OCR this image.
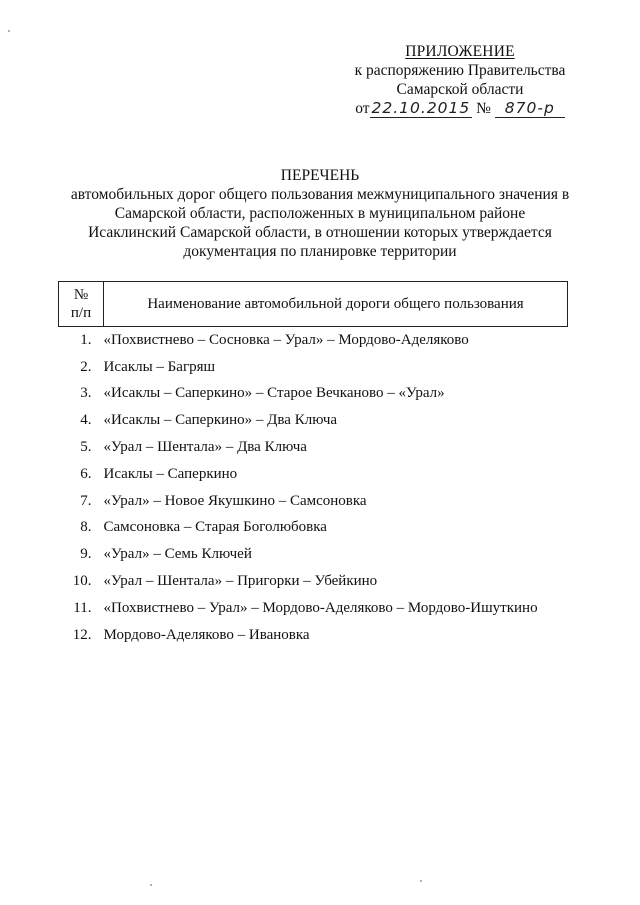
ПРИЛОЖЕНИЕ
к распоряжению Правительства
Самарской области
от 22.10.2015 № 870-р
ПЕРЕЧЕНЬ
автомобильных дорог общего пользования межмуниципального значения в
Самарской области, расположенных в муниципальном районе
Исаклинский Самарской области, в отношении которых утверждается
документация по планировке территории
№
п/п	Наименование автомобильной дороги общего пользования
1.	«Похвистнево – Сосновка – Урал» – Мордово-Аделяково
2.	Исаклы – Багряш
3.	«Исаклы – Саперкино» – Старое Вечканово – «Урал»
4.	«Исаклы – Саперкино» – Два Ключа
5.	«Урал – Шентала» – Два Ключа
6.	Исаклы – Саперкино
7.	«Урал» – Новое Якушкино – Самсоновка
8.	Самсоновка – Старая Боголюбовка
9.	«Урал» – Семь Ключей
10.	«Урал – Шентала» – Пригорки – Убейкино
11.	«Похвистнево – Урал» – Мордово-Аделяково – Мордово-Ишуткино
12.	Мордово-Аделяково – Ивановка
